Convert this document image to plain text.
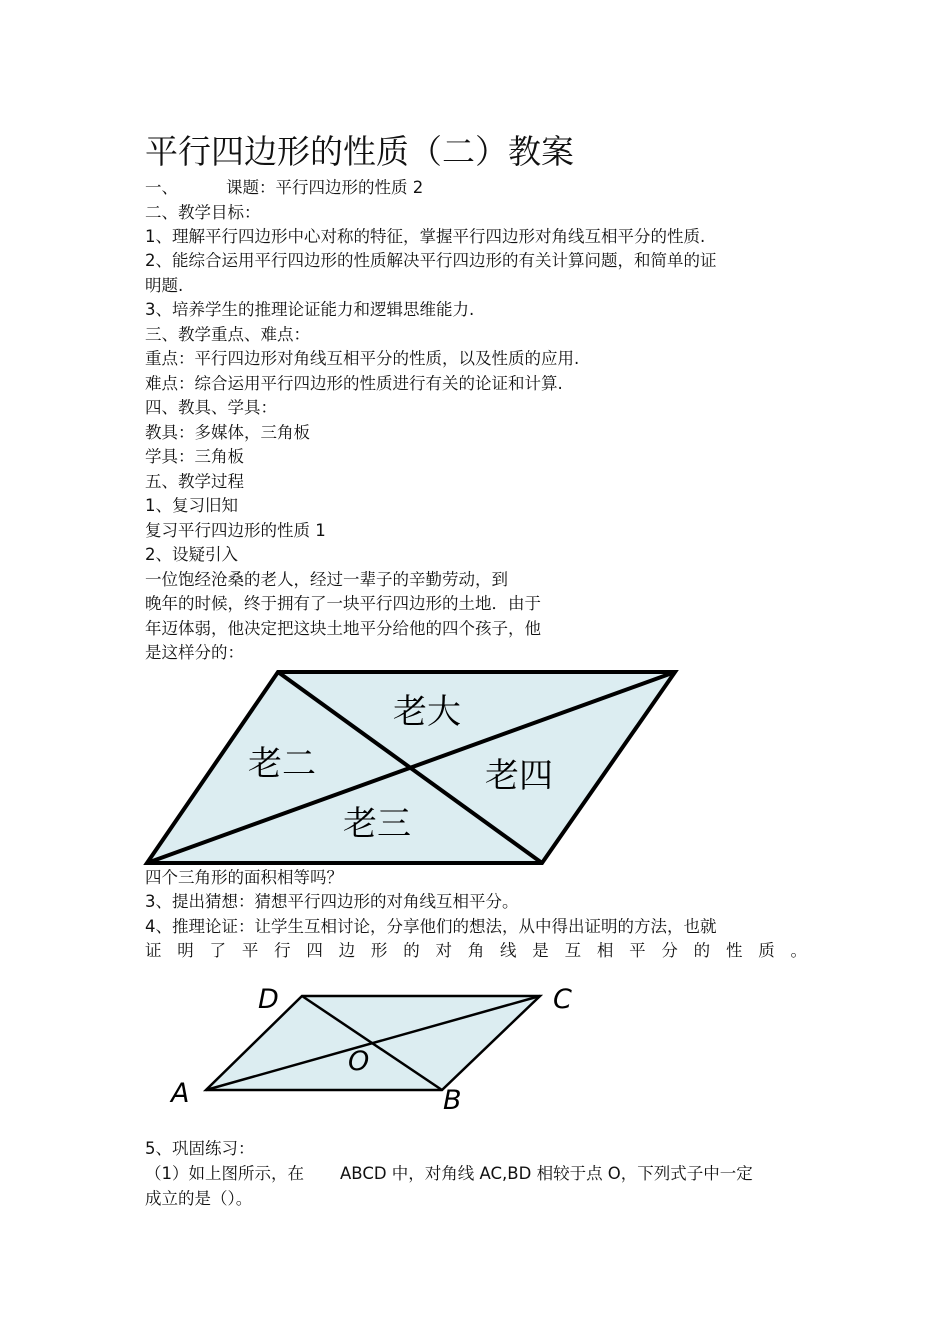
平行四边形的性质（二）教案
一、	课题：平行四边形的性质 2
二、教学目标：
1、理解平行四边形中心对称的特征，掌握平行四边形对角线互相平分的性质.
2、能综合运用平行四边形的性质解决平行四边形的有关计算问题，和简单的证
明题.
3、培养学生的推理论证能力和逻辑思维能力.
三、教学重点、难点：
重点：平行四边形对角线互相平分的性质，以及性质的应用.
难点：综合运用平行四边形的性质进行有关的论证和计算.
四、教具、学具：
教具：多媒体，三角板
学具：三角板
五、教学过程
1、复习旧知
复习平行四边形的性质 1
2、设疑引入
一位饱经沧桑的老人，经过一辈子的辛勤劳动，到
晚年的时候，终于拥有了一块平行四边形的土地．由于
年迈体弱，他决定把这块土地平分给他的四个孩子，他
是这样分的：
四个三角形的面积相等吗？
3、提出猜想：猜想平行四边形的对角线互相平分。
4、推理论证：让学生互相讨论，分享他们的想法，从中得出证明的方法，也就
证明了平行四边形的对角线是互相平分的性质。
5、巩固练习：
（1）如上图所示，在 ABCD 中，对角线 AC,BD 相较于点 O，下列式子中一定
成立的是（）。
老大
老二	老四
老三
D	C
O
A	B
